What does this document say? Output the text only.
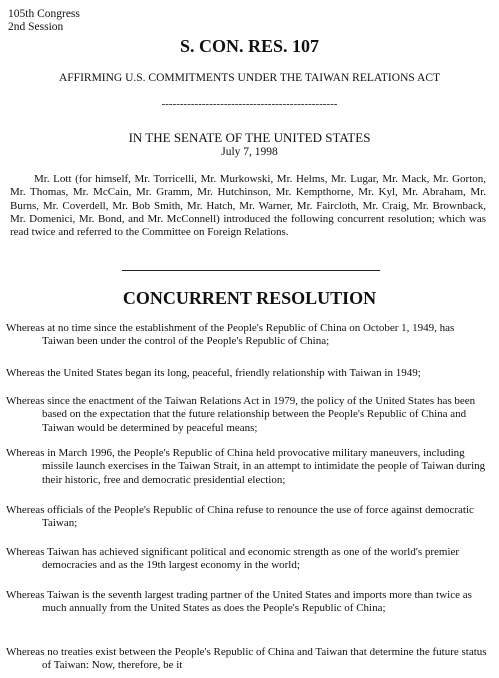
105th Congress
2nd Session
S. CON. RES. 107
AFFIRMING U.S. COMMITMENTS UNDER THE TAIWAN RELATIONS ACT
------------------------------------------------
IN THE SENATE OF THE UNITED STATES
July 7, 1998

Mr. Lott (for himself, Mr. Torricelli, Mr. Murkowski, Mr. Helms, Mr. Lugar, Mr. Mack, Mr. Gorton, Mr. Thomas, Mr. McCain, Mr. Gramm, Mr. Hutchinson, Mr. Kempthorne, Mr. Kyl, Mr. Abraham, Mr. Burns, Mr. Coverdell, Mr. Bob Smith, Mr. Hatch, Mr. Warner, Mr. Faircloth, Mr. Craig, Mr. Brownback, Mr. Domenici, Mr. Bond, and Mr. McConnell) introduced the following concurrent resolution; which was read twice and referred to the Committee on Foreign Relations.

CONCURRENT RESOLUTION
Whereas at no time since the establishment of the People's Republic of China on October 1, 1949, has Taiwan been under the control of the People's Republic of China;
Whereas the United States began its long, peaceful, friendly relationship with Taiwan in 1949;
Whereas since the enactment of the Taiwan Relations Act in 1979, the policy of the United States has been based on the expectation that the future relationship between the People's Republic of China and Taiwan would be determined by peaceful means;
Whereas in March 1996, the People's Republic of China held provocative military maneuvers, including missile launch exercises in the Taiwan Strait, in an attempt to intimidate the people of Taiwan during their historic, free and democratic presidential election;
Whereas officials of the People's Republic of China refuse to renounce the use of force against democratic Taiwan;
Whereas Taiwan has achieved significant political and economic strength as one of the world's premier democracies and as the 19th largest economy in the world;
Whereas Taiwan is the seventh largest trading partner of the United States and imports more than twice as much annually from the United States as does the People's Republic of China;
Whereas no treaties exist between the People's Republic of China and Taiwan that determine the future status of Taiwan: Now, therefore, be it
